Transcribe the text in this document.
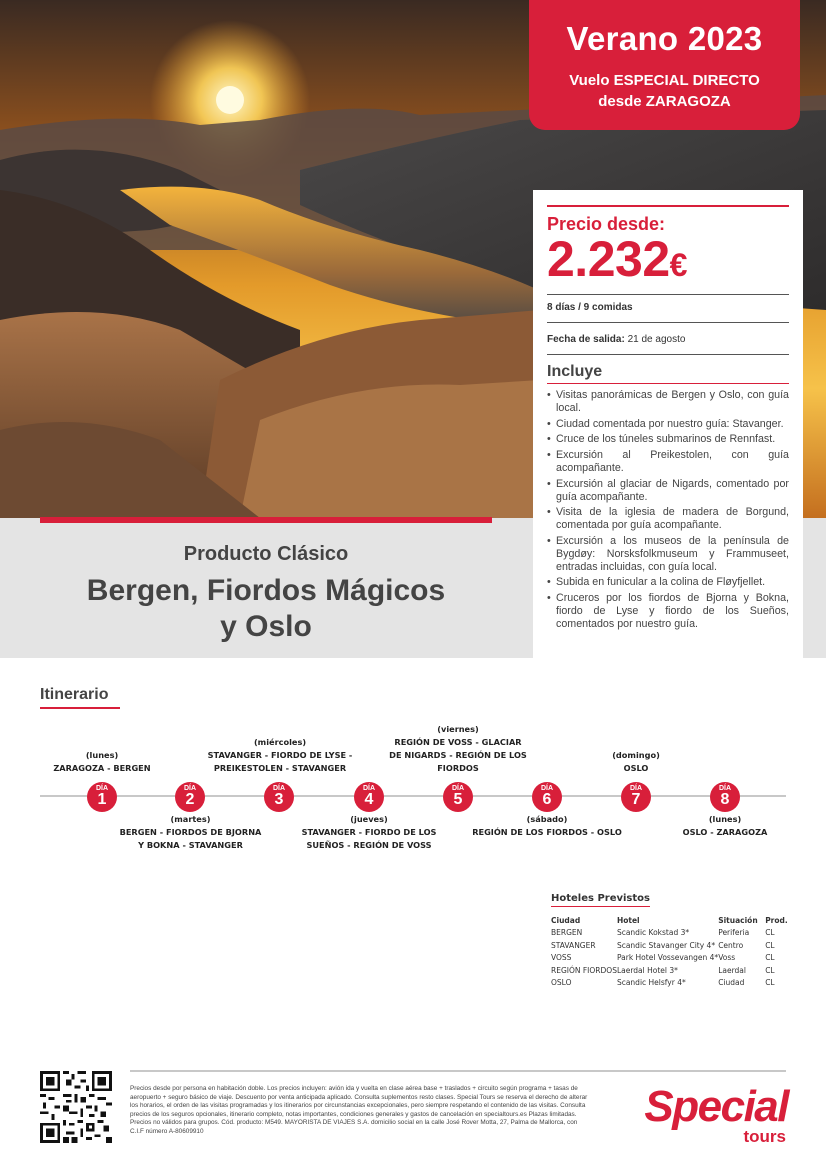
Verano 2023
Vuelo ESPECIAL DIRECTO
desde ZARAGOZA
Producto Clásico
Bergen, Fiordos Mágicos
y Oslo
Precio desde:
2.232€
8 días / 9 comidas
Fecha de salida: 21 de agosto
Incluye
• Visitas panorámicas de Bergen y Oslo, con guía local.
• Ciudad comentada por nuestro guía: Stavanger.
• Cruce de los túneles submarinos de Rennfast.
• Excursión al Preikestolen, con guía acompañante.
• Excursión al glaciar de Nigards, comentado por guía acompañante.
• Visita de la iglesia de madera de Borgund, comentada por guía acompañante.
• Excursión a los museos de la península de Bygdøy: Norsksfolkmuseum y Frammuseet, entradas incluidas, con guía local.
• Subida en funicular a la colina de Fløyfjellet.
• Cruceros por los fiordos de Bjorna y Bokna, fiordo de Lyse y fiordo de los Sueños, comentados por nuestro guía.
Itinerario
DÍA
1
DÍA
2
DÍA
3
DÍA
4
DÍA
5
DÍA
6
DÍA
7
DÍA
8
(lunes)
ZARAGOZA - BERGEN
(miércoles)
STAVANGER - FIORDO DE LYSE - PREIKESTOLEN - STAVANGER
(viernes)
REGIÓN DE VOSS - GLACIAR DE NIGARDS - REGIÓN DE LOS FIORDOS
(domingo)
OSLO
(martes)
BERGEN - FIORDOS DE BJORNA Y BOKNA - STAVANGER
(jueves)
STAVANGER - FIORDO DE LOS SUEÑOS - REGIÓN DE VOSS
(sábado)
REGIÓN DE LOS FIORDOS - OSLO
(lunes)
OSLO - ZARAGOZA
Hoteles Previstos
Ciudad	Hotel	Situación	Prod.
BERGEN	Scandic Kokstad 3*	Periferia	CL
STAVANGER	Scandic Stavanger City 4*	Centro	CL
VOSS	Park Hotel Vossevangen 4*	Voss	CL
REGIÓN FIORDOS	Laerdal Hotel 3*	Laerdal	CL
OSLO	Scandic Helsfyr 4*	Ciudad	CL
Precios desde por persona en habitación doble. Los precios incluyen: avión ida y vuelta en clase aérea base + traslados + circuito según programa + tasas de aeropuerto + seguro básico de viaje. Descuento por venta anticipada aplicado. Consulta suplementos resto clases. Special Tours se reserva el derecho de alterar los horarios, el orden de las visitas programadas y los itinerarios por circunstancias excepcionales, pero siempre respetando el contenido de las visitas. Consulta precios de los seguros opcionales, itinerario completo, notas importantes, condiciones generales y gastos de cancelación en specialtours.es Plazas limitadas. Precios no válidos para grupos. Cód. producto: M549. MAYORISTA DE VIAJES S.A. domicilio social en la calle José Rover Motta, 27, Palma de Mallorca, con C.I.F número A-80609910
Special
tours
